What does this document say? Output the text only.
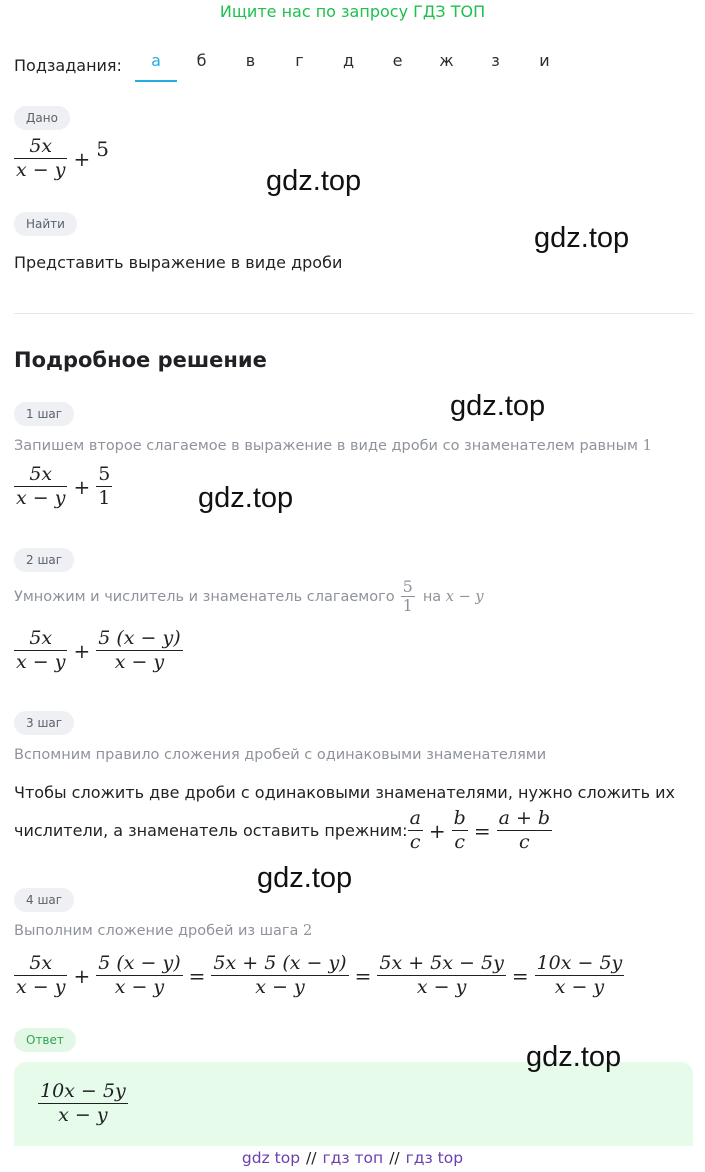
Ищите нас по запросу ГДЗ ТОП
Подзадания:	а	б	в	г	д	е	ж	з	и
Дано
$\frac{5x}{x - y} + 5$
Найти
Представить выражение в виде дроби
Подробное решение
1 шаг
Запишем второе слагаемое в выражение в виде дроби со знаменателем равным 1
$\frac{5x}{x - y} + \frac{5}{1}$
2 шаг
Умножим и числитель и знаменатель слагаемого $\frac{5}{1}$ на
x − y
$\frac{5x}{x - y} + \frac{5 (x - y)}{x - y}$
3 шаг
Вспомним правило сложения дробей с одинаковыми знаменателями
Чтобы сложить две дроби с одинаковыми знаменателями, нужно сложить их
числители, а знаменатель оставить прежним: $\frac{a}{c} + \frac{b}{c} = \frac{a + b}{c}$
4 шаг
Выполним сложение дробей из шага 2
$\frac{5x}{x - y} + \frac{5 (x - y)}{x - y} = \frac{5x + 5 (x - y)}{x - y} = \frac{5x + 5x - 5y}{x - y} = \frac{10x - 5y}{x - y}$
Ответ
$\frac{10x - 5y}{x - y}$
gdz.top
gdz.top
gdz.top
gdz.top
gdz.top
gdz.top
gdz top // гдз топ // гдз top
